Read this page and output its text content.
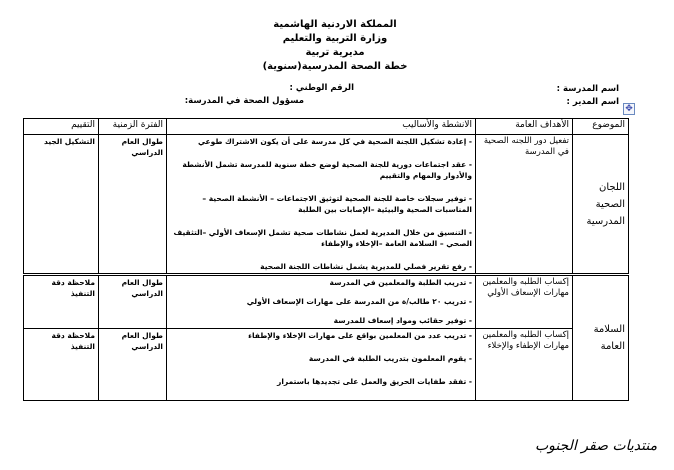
المملكة الاردنية الهاشمية
وزارة التربية والتعليم
مديرية تربية
خطة الصحة المدرسية(سنوية)
اسم المدرسة :
الرقم الوطني :
اسم المدير :
مسؤول الصحة في المدرسة:
✥
الموضوع	الأهداف العامة	الانشطة والأساليب	الفترة الزمنية	التقييم
اللجان الصحية المدرسية	تفعيل دور اللجنه الصحية في المدرسة	- إعادة تشكيل اللجنة الصحية في كل مدرسة على أن يكون الاشتراك طوعي

- عقد اجتماعات دورية للجنة الصحية لوضع خطة سنوية للمدرسة تشمل الأنشطة والأدوار والمهام والتقييم

- توفير سجلات خاصة للجنة الصحية لتوثيق الاجتماعات – الأنشطة الصحية – المناسبات الصحية والبيئية –الإصابات بين الطلبة

- التنسيق من خلال المديرية لعمل نشاطات صحية تشمل الإسعاف الأولي –التثقيف الصحي – السلامة العامة –الإخلاء والإطفاء

- رفع تقرير فصلي للمديرية يشمل نشاطات اللجنة الصحية	طوال العام الدراسي	التشكيل الجيد
السلامة العامة	إكساب الطلبه والمعلمين مهارات الإسعاف الأولي	- تدريب الطلبة والمعلمين في المدرسة

- تدريب ٢٠ طالب/ة من المدرسة على مهارات الإسعاف الأولي

- توفير حقائب ومواد إسعاف للمدرسة	طوال العام الدراسي	ملاحظة دقة التنفيذ
	إكساب الطلبه والمعلمين مهارات الإطفاء والإخلاء	- تدريب عدد من المعلمين بواقع على مهارات الإخلاء والإطفاء

- يقوم المعلمون بتدريب الطلبة في المدرسة

- تفقد طفايات الحريق والعمل على تجديدها باستمرار	طوال العام الدراسي	ملاحظة دقة التنفيذ
منتديات صقر الجنوب
